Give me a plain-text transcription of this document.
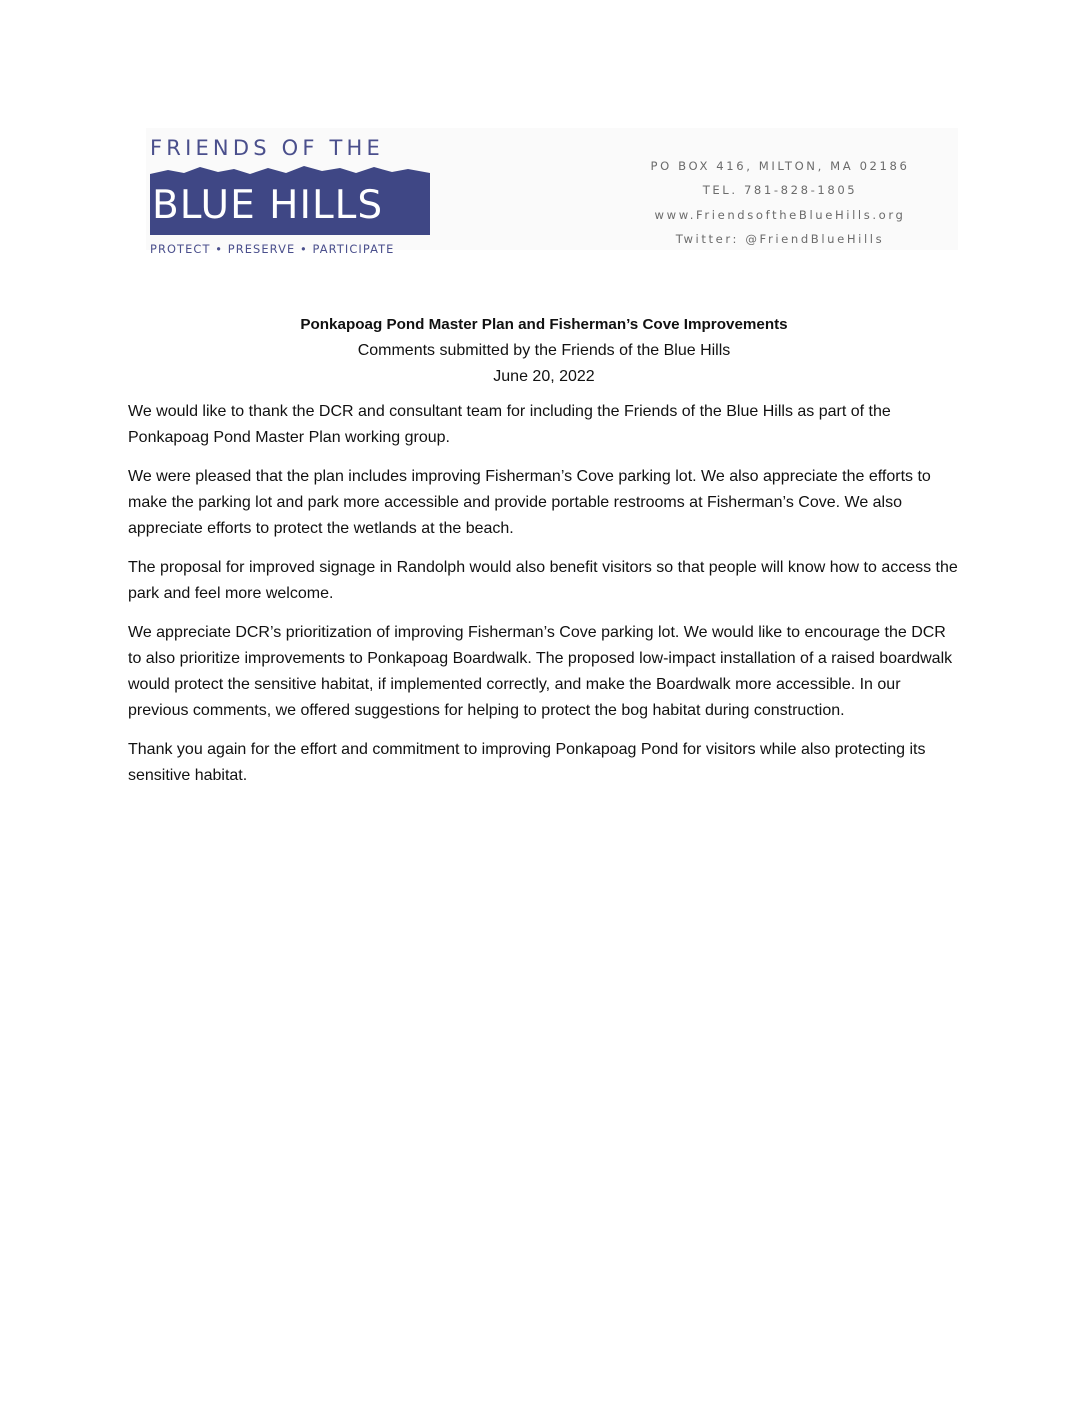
FRIENDS OF THE
BLUE HILLS
PROTECT • PRESERVE • PARTICIPATE
PO BOX 416, MILTON, MA 02186
TEL. 781-828-1805
www.FriendsoftheBlueHills.org
Twitter: @FriendBlueHills
Ponkapoag Pond Master Plan and Fisherman’s Cove Improvements
Comments submitted by the Friends of the Blue Hills
June 20, 2022

We would like to thank the DCR and consultant team for including the Friends of the Blue Hills as part of the Ponkapoag Pond Master Plan working group.

We were pleased that the plan includes improving Fisherman’s Cove parking lot. We also appreciate the efforts to make the parking lot and park more accessible and provide portable restrooms at Fisherman’s Cove. We also appreciate efforts to protect the wetlands at the beach.

The proposal for improved signage in Randolph would also benefit visitors so that people will know how to access the park and feel more welcome.

We appreciate DCR’s prioritization of improving Fisherman’s Cove parking lot. We would like to encourage the DCR to also prioritize improvements to Ponkapoag Boardwalk. The proposed low-impact installation of a raised boardwalk would protect the sensitive habitat, if implemented correctly, and make the Boardwalk more accessible. In our previous comments, we offered suggestions for helping to protect the bog habitat during construction.

Thank you again for the effort and commitment to improving Ponkapoag Pond for visitors while also protecting its sensitive habitat.
